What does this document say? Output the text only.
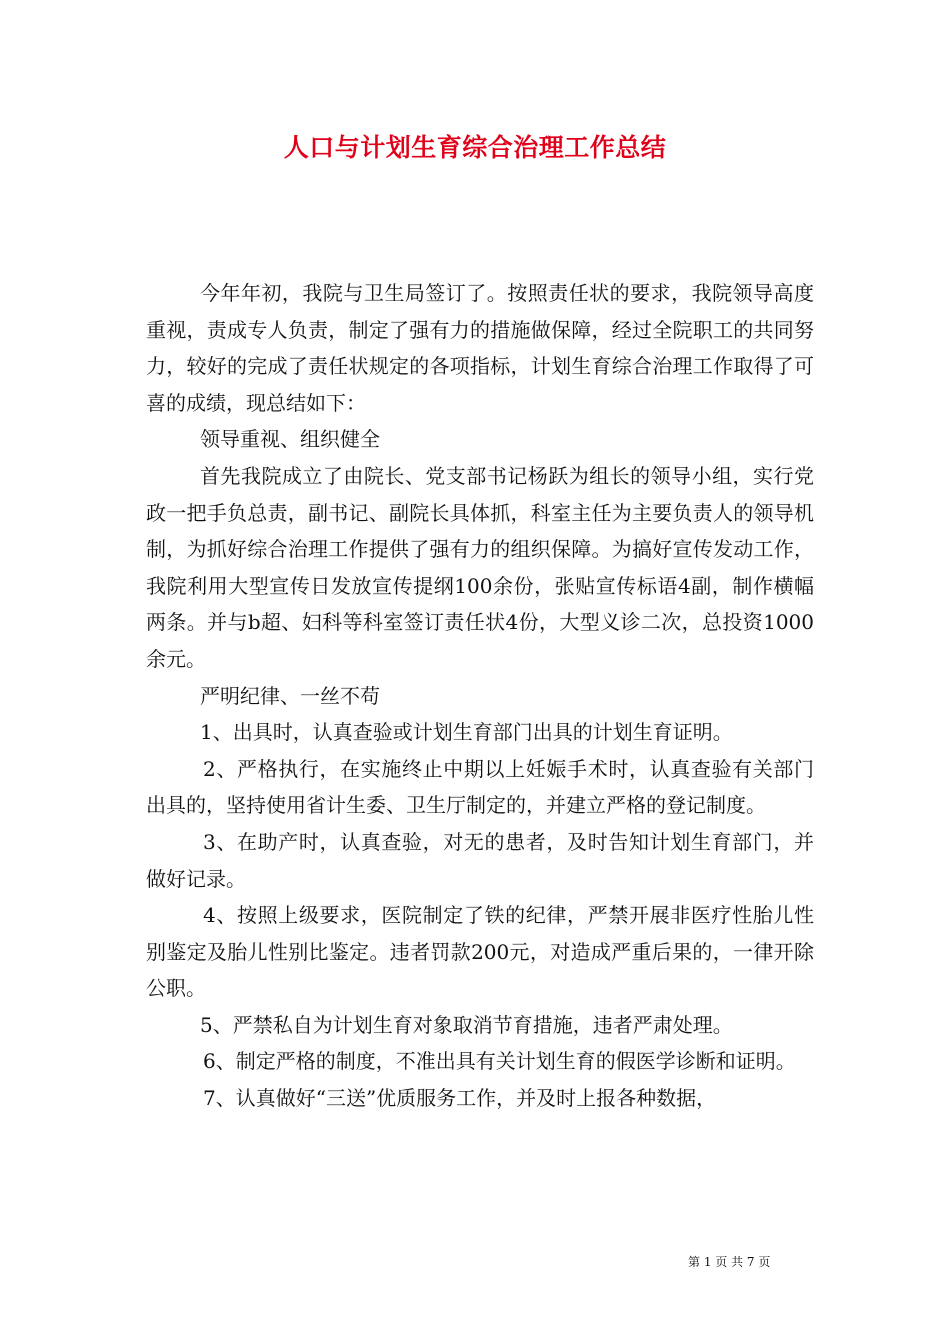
人口与计划生育综合治理工作总结

今年年初，我院与卫生局签订了。按照责任状的要求，我院领导高度重视，责成专人负责，制定了强有力的措施做保障，经过全院职工的共同努力，较好的完成了责任状规定的各项指标，计划生育综合治理工作取得了可喜的成绩，现总结如下：

领导重视、组织健全

首先我院成立了由院长、党支部书记杨跃为组长的领导小组，实行党政一把手负总责，副书记、副院长具体抓，科室主任为主要负责人的领导机制，为抓好综合治理工作提供了强有力的组织保障。为搞好宣传发动工作，我院利用大型宣传日发放宣传提纲100余份，张贴宣传标语4副，制作横幅两条。并与b超、妇科等科室签订责任状4份，大型义诊二次，总投资1000余元。

严明纪律、一丝不苟

1、出具时，认真查验或计划生育部门出具的计划生育证明。

2、严格执行，在实施终止中期以上妊娠手术时，认真查验有关部门出具的，坚持使用省计生委、卫生厅制定的，并建立严格的登记制度。

3、在助产时，认真查验，对无的患者，及时告知计划生育部门，并做好记录。

4、按照上级要求，医院制定了铁的纪律，严禁开展非医疗性胎儿性别鉴定及胎儿性别比鉴定。违者罚款200元，对造成严重后果的，一律开除公职。

5、严禁私自为计划生育对象取消节育措施，违者严肃处理。

6、制定严格的制度，不准出具有关计划生育的假医学诊断和证明。

7、认真做好“三送”优质服务工作，并及时上报各种数据，

第 1 页 共 7 页
